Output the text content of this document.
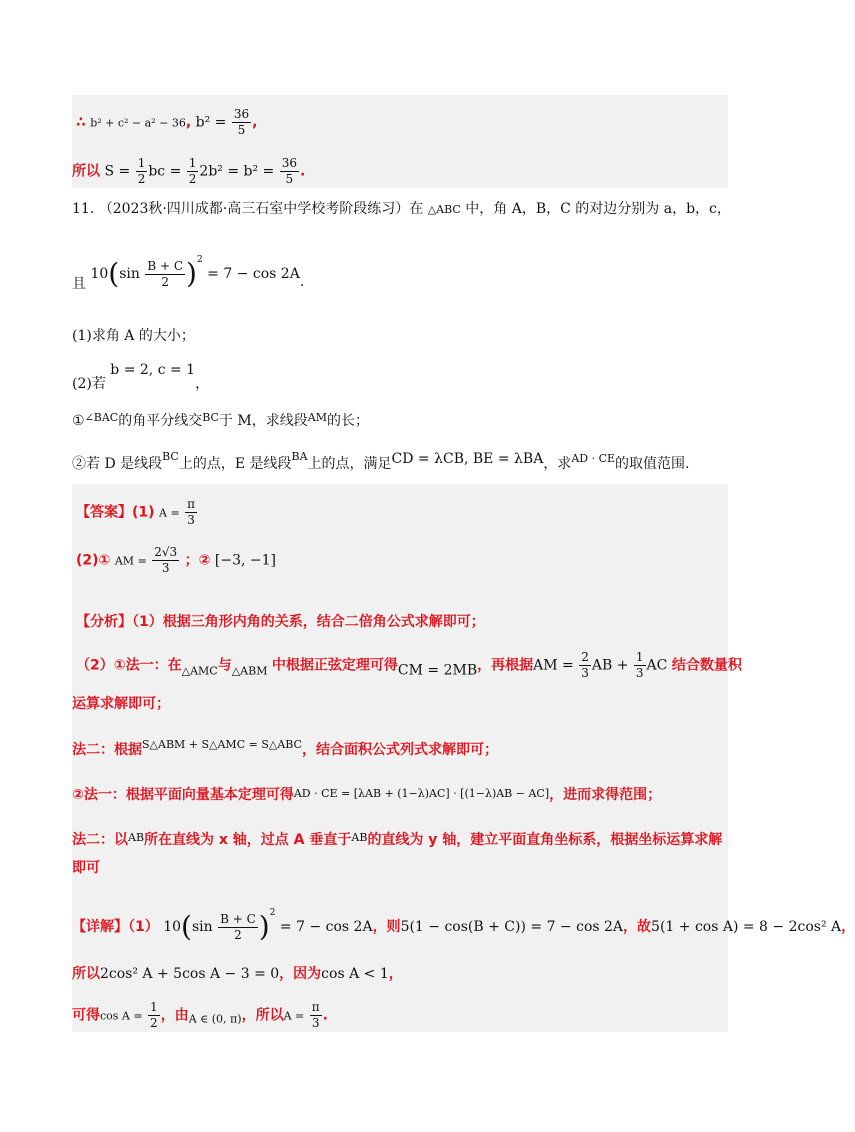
∴ b² + c² − a² − 36, $b^2 = \frac{36}{5}$ ,
所以 $S = \frac{1}{2}$ bc = $\frac{1}{2} 2b^2 = b^2 = \frac{36}{5}$ .
11. （2023秋·四川成都·高三石室中学校考阶段练习）在 △ABC 中，角 A，B，C 的对边分别为 a，b，c，
且 $10(\sin \frac{B + C}{2} )^2 = 7 - \cos 2A$.
(1)求角 A 的大小；
(2)若 b = 2, c = 1，
①$^{\angle BAC}$的角平分线交$^{BC}$于 M，求线段$^{AM}$的长；
②若 D 是线段$^{BC}$上的点，E 是线段$^{BA}$上的点，满足CD = λCB, BE = λBA，求$^{AD \cdot CE}$的取值范围.
【答案】(1) $A = \frac{\pi}{3}$
(2)① AM = $\frac{2√3}{3}$ ；② [−3, −1]
【分析】（1）根据三角形内角的关系，结合二倍角公式求解即可；
（2）①法一：在$_{\triangle AMC}$与$_{\triangle ABM}$ 中根据正弦定理可得CM = 2MB，再根据AM = $\frac{2}{3}$ AB + $\frac{1}{3}$ AC 结合数量积
运算求解即可；
法二：根据$^{S\triangle ABM + S\triangle AMC = S\triangle ABC}$，结合面积公式列式求解即可；
②法一：根据平面向量基本定理可得AD · CE = [λAB + (1−λ)AC] · [(1−λ)AB − AC]，进而求得范围；
法二：以$^{AB}$所在直线为 x 轴，过点 A 垂直于$^{AB}$的直线为 y 轴，建立平面直角坐标系，根据坐标运算求解
即可
【详解】（1） $10(\sin \frac{B + C}{2} )^2 = 7 - \cos 2A$，则5(1 − cos(B + C)) = 7 − cos 2A，故5(1 + cos A) = 8 − 2cos² A，
所以2cos² A + 5cos A − 3 = 0，因为cos A < 1，
可得$\cos A = \frac{1}{2}$ ，由$_{A \in (0, \pi)}$，所以$A = \frac{\pi}{3}$ .
